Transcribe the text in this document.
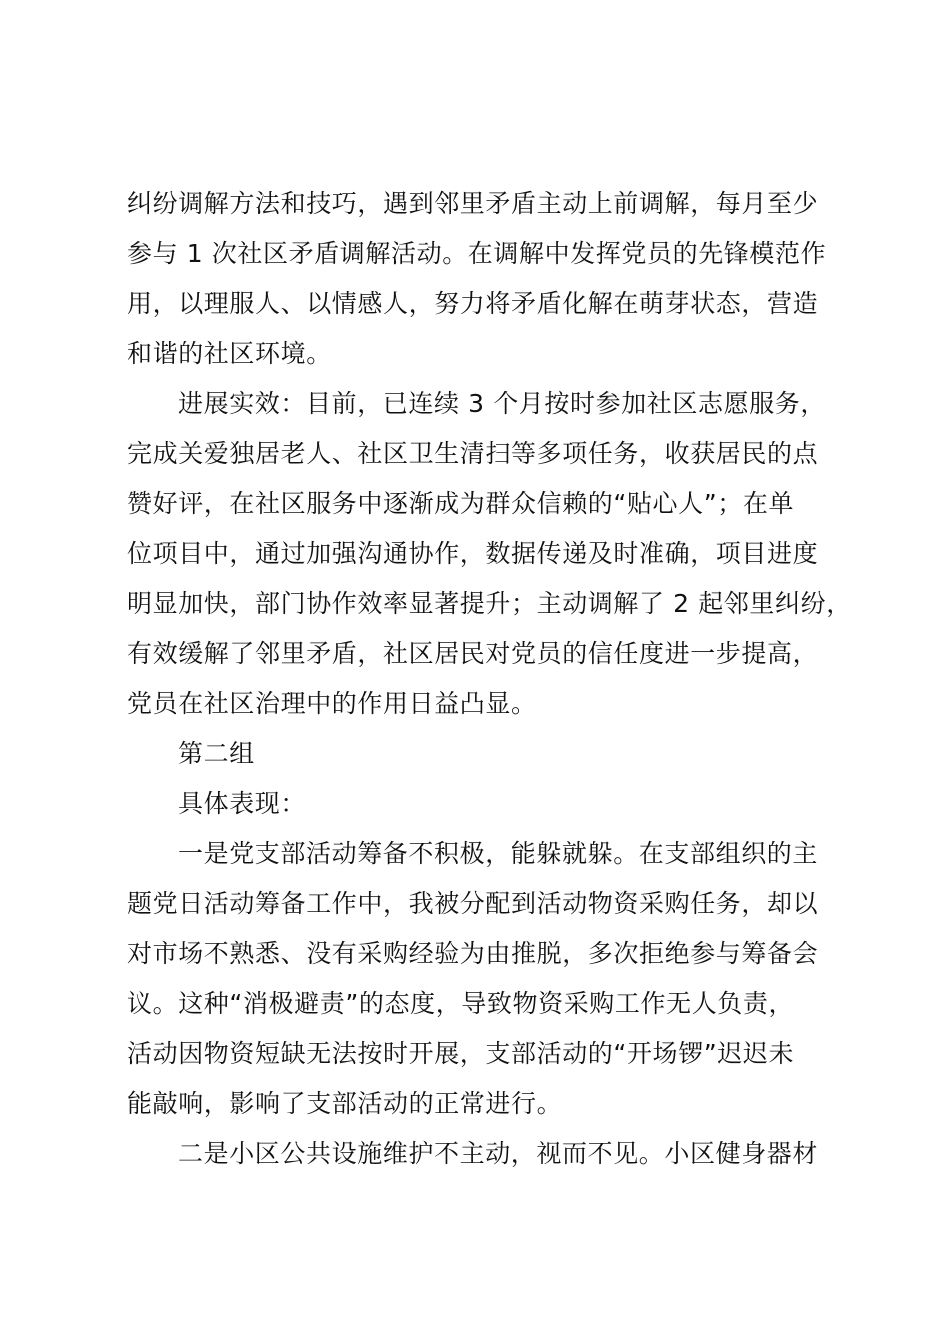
纠纷调解方法和技巧，遇到邻里矛盾主动上前调解，每月至少
参与 1 次社区矛盾调解活动。在调解中发挥党员的先锋模范作
用，以理服人、以情感人，努力将矛盾化解在萌芽状态，营造
和谐的社区环境。
进展实效：目前，已连续 3 个月按时参加社区志愿服务，
完成关爱独居老人、社区卫生清扫等多项任务，收获居民的点
赞好评，在社区服务中逐渐成为群众信赖的“贴心人”；在单
位项目中，通过加强沟通协作，数据传递及时准确，项目进度
明显加快，部门协作效率显著提升；主动调解了 2 起邻里纠纷，
有效缓解了邻里矛盾，社区居民对党员的信任度进一步提高，
党员在社区治理中的作用日益凸显。
第二组
具体表现：
一是党支部活动筹备不积极，能躲就躲。在支部组织的主
题党日活动筹备工作中，我被分配到活动物资采购任务，却以
对市场不熟悉、没有采购经验为由推脱，多次拒绝参与筹备会
议。这种“消极避责”的态度，导致物资采购工作无人负责，
活动因物资短缺无法按时开展，支部活动的“开场锣”迟迟未
能敲响，影响了支部活动的正常进行。
二是小区公共设施维护不主动，视而不见。小区健身器材
